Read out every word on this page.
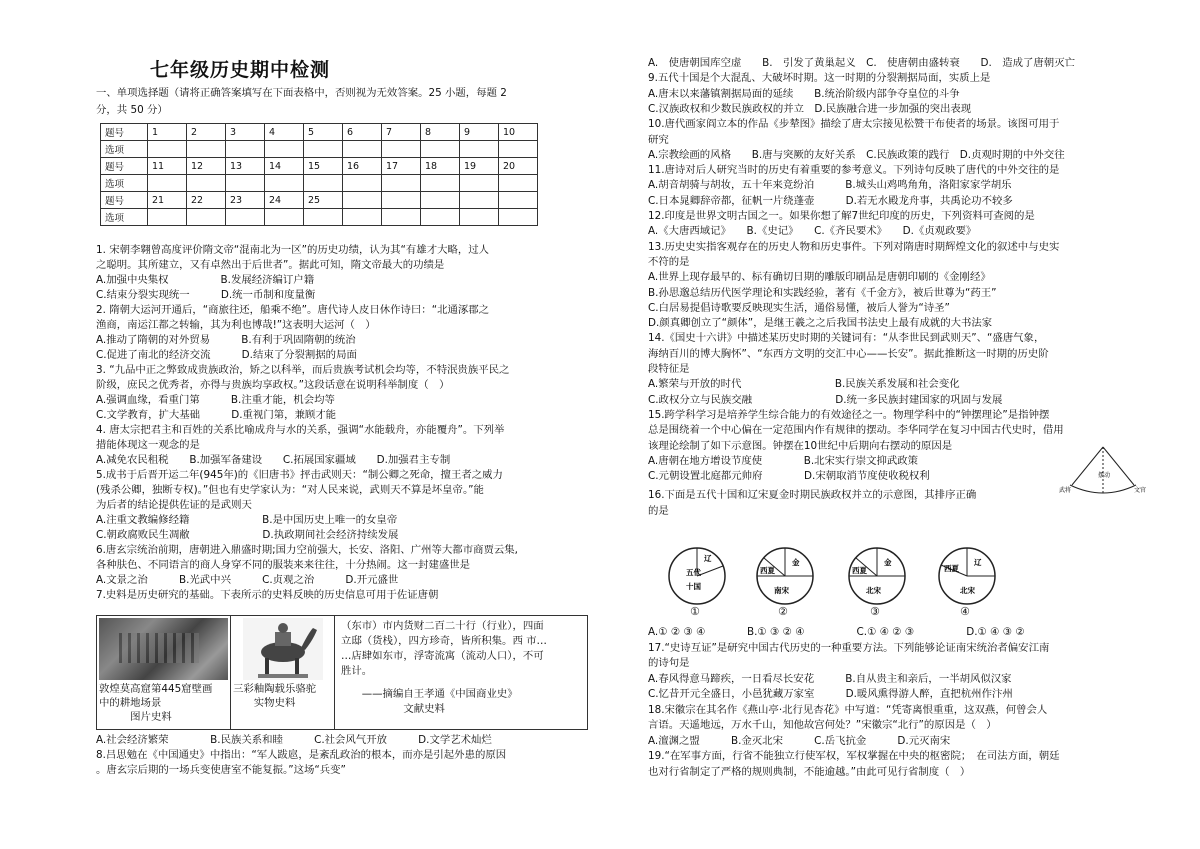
七年级历史期中检测
一、单项选择题（请将正确答案填写在下面表格中，否则视为无效答案。25 小题，每题 2
分，共 50 分）
1. 宋朝李翱曾高度评价隋文帝“混南北为一区”的历史功绩，认为其“有雄才大略，过人
之聪明。其所建立，又有卓然出于后世者”。据此可知，隋文帝最大的功绩是
A.加强中央集权　　　　　B.发展经济编订户籍
C.结束分裂实现统一　　　D.统一币制和度量衡
2. 隋朝大运河开通后，“商旅往还，船乘不绝”。唐代诗人皮日休作诗曰：“北通涿郡之
渔商，南运江都之转输，其为利也博哉!”这表明大运河（　）
A.推动了隋朝的对外贸易　　　B.有利于巩固隋朝的统治
C.促进了南北的经济交流　　　D.结束了分裂割据的局面
3. “九品中正之弊致成贵族政治，矫之以科举，而后贵族考试机会均等，不特泯贵族平民之
阶级，庶民之优秀者，亦得与贵族均享政权。”这段话意在说明科举制度（　）
A.强调血缘，看重门第　　　B.注重才能，机会均等
C.文学教育，扩大基础　　　D.重视门第，兼顾才能
4. 唐太宗把君主和百姓的关系比喻成舟与水的关系，强调“水能载舟，亦能覆舟”。下列举
措能体现这一观念的是
A.减免农民租税　　B.加强军备建设　　C.拓展国家疆域　　D.加强君主专制
5.成书于后晋开运二年(945年)的《旧唐书》抨击武则天：“制公卿之死命，擅王者之威力
(残杀公卿，独断专权)。”但也有史学家认为：“对人民来说，武则天不算是坏皇帝。”能
为后者的结论提供佐证的是武则天
A.注重文教编修经籍　　　　　　　B.是中国历史上唯一的女皇帝
C.朝政腐败民生凋敝　　　　　　　D.执政期间社会经济持续发展
6.唐玄宗统治前期，唐朝进入鼎盛时期;国力空前强大，长安、洛阳、广州等大都市商贾云集,
各种肤色、不同语言的商人身穿不同的服装来来往往，十分热闹。这一封建盛世是
A.文景之治　　　B.光武中兴　　　C.贞观之治　　　D.开元盛世
7.史料是历史研究的基础。下表所示的史料反映的历史信息可用于佐证唐朝
A.社会经济繁荣　　　　B.民族关系和睦　　　C.社会风气开放　　　D.文学艺术灿烂
8.吕思勉在《中国通史》中指出：“军人跋扈，是紊乱政治的根本，而亦是引起外患的原因
。唐玄宗后期的一场兵变使唐室不能复振。”这场“兵变”
题号	1	2	3	4	5	6	7	8	9	10
选项										
题号	11	12	13	14	15	16	17	18	19	20
选项										
题号	21	22	23	24	25					
选项										
敦煌莫高窟第445窟壁画
中的耕地场景
　　　图片史料
三彩釉陶载乐骆驼
　　实物史料
（东市）市内货财二百二十行（行业），四面
立邸（货栈），四方珍奇，皆所积集。西 市…
…店肆如东市，浮寄流寓（流动人口），不可
胜计。
　　——摘编自王孝通《中国商业史》
　　　　　　文献史料
A.　使唐朝国库空虚　　B.　引发了黄巢起义　C.　使唐朝由盛转衰　　D.　造成了唐朝灭亡
9.五代十国是个大混乱、大破坏时期。这一时期的分裂割据局面，实质上是
A.唐末以来藩镇割据局面的延续　　B.统治阶级内部争夺皇位的斗争
C.汉族政权和少数民族政权的并立　D.民族融合进一步加强的突出表现
10.唐代画家阎立本的作品《步辇图》描绘了唐太宗接见松赞干布使者的场景。该图可用于
研究
A.宗教绘画的风格　　B.唐与突厥的友好关系　C.民族政策的践行　D.贞观时期的中外交往
11.唐诗对后人研究当时的历史有着重要的参考意义。下列诗句反映了唐代的中外交往的是
A.胡音胡骑与胡妆，五十年来竞纷泊　　　B.城头山鸡鸣角角，洛阳家家学胡乐
C.日本晁卿辞帝都，征帆一片绕蓬壶　　　D.若无水殿龙舟事，共禹论功不较多
12.印度是世界文明古国之一。如果你想了解7世纪印度的历史，下列资料可查阅的是
A.《大唐西域记》　　B.《史记》　　C.《齐民要术》　　D.《贞观政要》
13.历史史实指客观存在的历史人物和历史事件。下列对隋唐时期辉煌文化的叙述中与史实
不符的是
A.世界上现存最早的、标有确切日期的雕版印刷品是唐朝印刷的《金刚经》
B.孙思邈总结历代医学理论和实践经验，著有《千金方》，被后世尊为“药王”
C.白居易提倡诗歌要反映现实生活，通俗易懂，被后人誉为“诗圣”
D.颜真卿创立了“颜体”，是继王羲之之后我国书法史上最有成就的大书法家
14.《国史十六讲》中描述某历史时期的关键词有：“从李世民到武则天”、“盛唐气象，
海纳百川的博大胸怀”、“东西方文明的交汇中心——长安”。据此推断这一时期的历史阶
段特征是
A.繁荣与开放的时代　　　　　　　　　B.民族关系发展和社会变化
C.政权分立与民族交融　　　　　　　　D.统一多民族封建国家的巩固与发展
15.跨学科学习是培养学生综合能力的有效途径之一。物理学科中的“钟摆理论”是指钟摆
总是围绕着一个中心偏在一定范围内作有规律的摆动。李华同学在复习中国古代史时，借用
该理论绘制了如下示意图。钟摆在10世纪中后期向右摆动的原因是
A.唐朝在地方增设节度使　　　　B.北宋实行崇文抑武政策
C.元朝设置北庭都元帅府　　　　D.宋朝取消节度使收税权利
16.下面是五代十国和辽宋夏金时期民族政权并立的示意图，其排序正确
的是
A.① ② ③ ④　　　　B.① ③ ② ④　　　　　C.① ④ ② ③　　　　　D.① ④ ③ ②
17.“史诗互证”是研究中国古代历史的一种重要方法。下列能够论证南宋统治者偏安江南
的诗句是
A.春风得意马蹄疾，一日看尽长安花　　　B.自从贵主和亲后，一半胡风似汉家
C.忆昔开元全盛日，小邑犹藏万家室　　　D.暖风熏得游人醉，直把杭州作汴州
18.宋徽宗在其名作《燕山亭·北行见杏花》中写道：“凭寄离恨重重，这双燕，何曾会人
言语。天遥地远，万水千山，知他故宫何处？”宋徽宗“北行”的原因是（　）
A.澶渊之盟　　　B.金灭北宋　　　C.岳飞抗金　　　D.元灭南宋
19.“在军事方面，行省不能独立行使军权，军权掌握在中央的枢密院；　在司法方面，朝廷
也对行省制定了严格的规则典制，不能逾越。”由此可见行省制度（　）
武将
摆动
文官
辽
五代
十国
①
金
西夏
南宋
②
金
西夏
北宋
③
辽
西夏
北宋
④
